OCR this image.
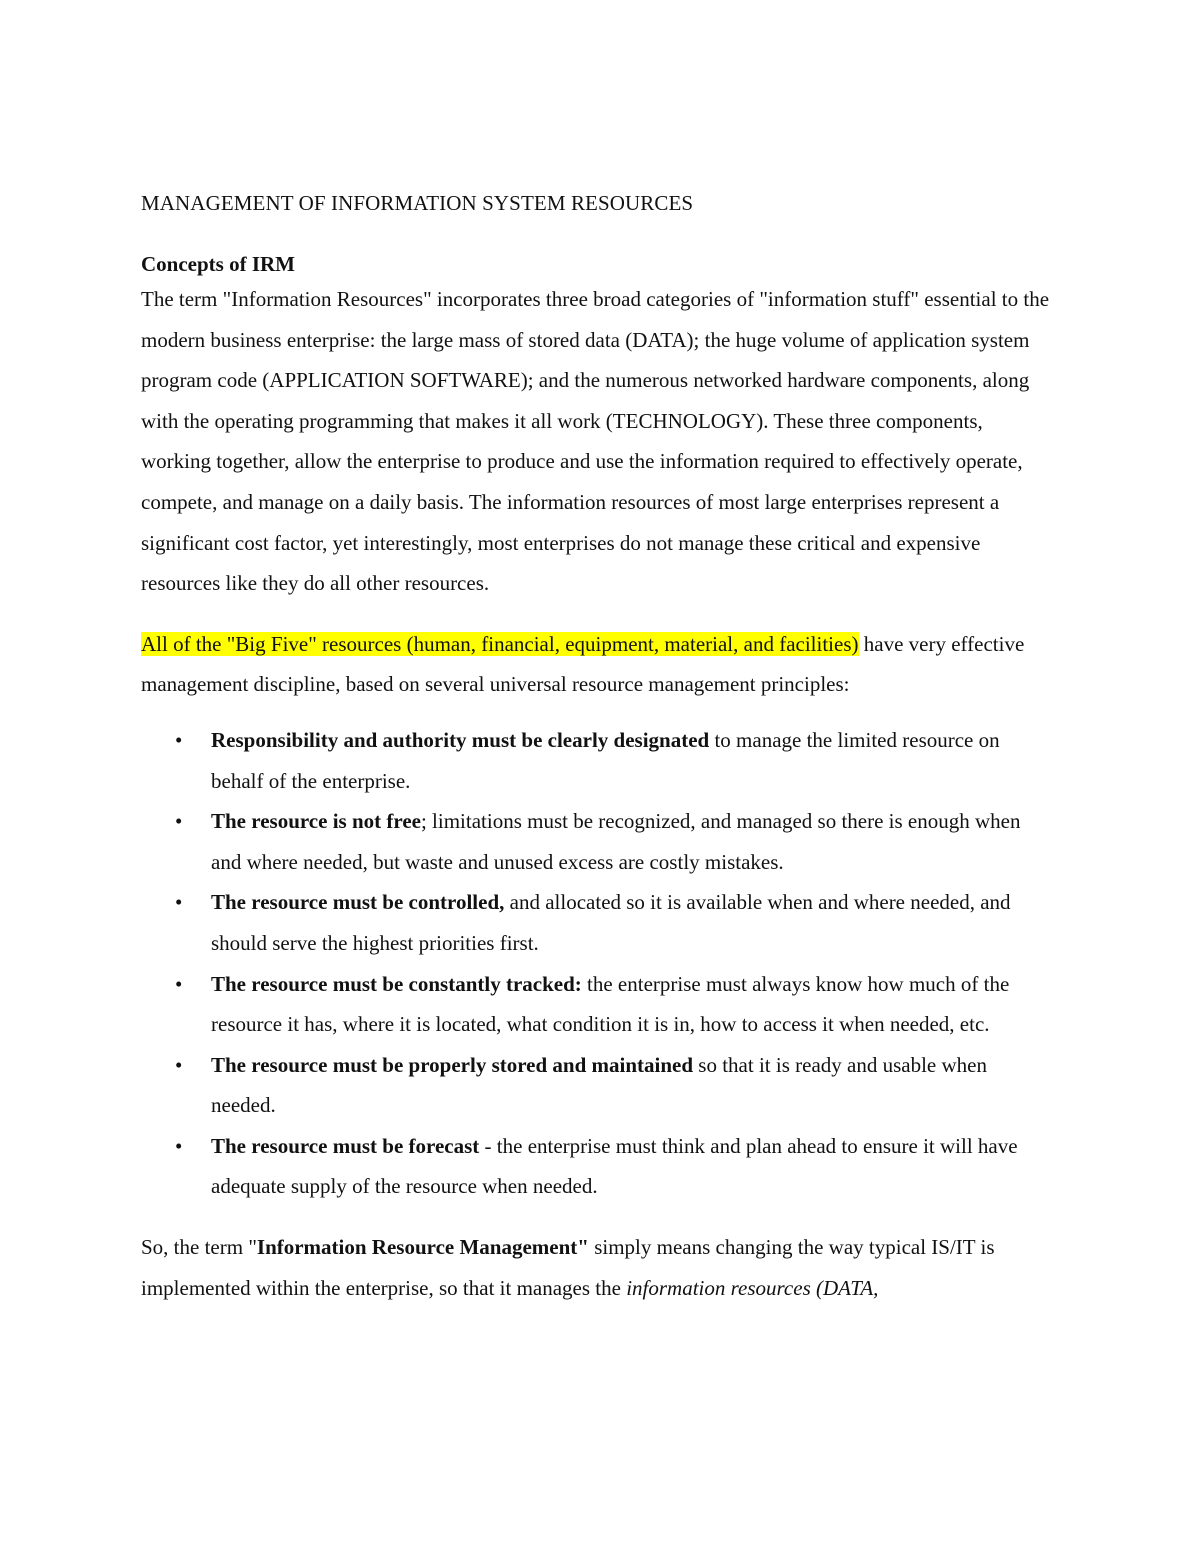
MANAGEMENT OF INFORMATION SYSTEM RESOURCES
Concepts of IRM

The term "Information Resources" incorporates three broad categories of "information stuff" essential to the modern business enterprise: the large mass of stored data (DATA); the huge volume of application system program code (APPLICATION SOFTWARE); and the numerous networked hardware components, along with the operating programming that makes it all work (TECHNOLOGY). These three components, working together, allow the enterprise to produce and use the information required to effectively operate, compete, and manage on a daily basis. The information resources of most large enterprises represent a significant cost factor, yet interestingly, most enterprises do not manage these critical and expensive resources like they do all other resources.

All of the "Big Five" resources (human, financial, equipment, material, and facilities) have very effective management discipline, based on several universal resource management principles:

• Responsibility and authority must be clearly designated to manage the limited resource on behalf of the enterprise.
• The resource is not free; limitations must be recognized, and managed so there is enough when and where needed, but waste and unused excess are costly mistakes.
• The resource must be controlled, and allocated so it is available when and where needed, and should serve the highest priorities first.
• The resource must be constantly tracked: the enterprise must always know how much of the resource it has, where it is located, what condition it is in, how to access it when needed, etc.
• The resource must be properly stored and maintained so that it is ready and usable when needed.
• The resource must be forecast - the enterprise must think and plan ahead to ensure it will have adequate supply of the resource when needed.

So, the term "Information Resource Management" simply means changing the way typical IS/IT is implemented within the enterprise, so that it manages the information resources (DATA,
